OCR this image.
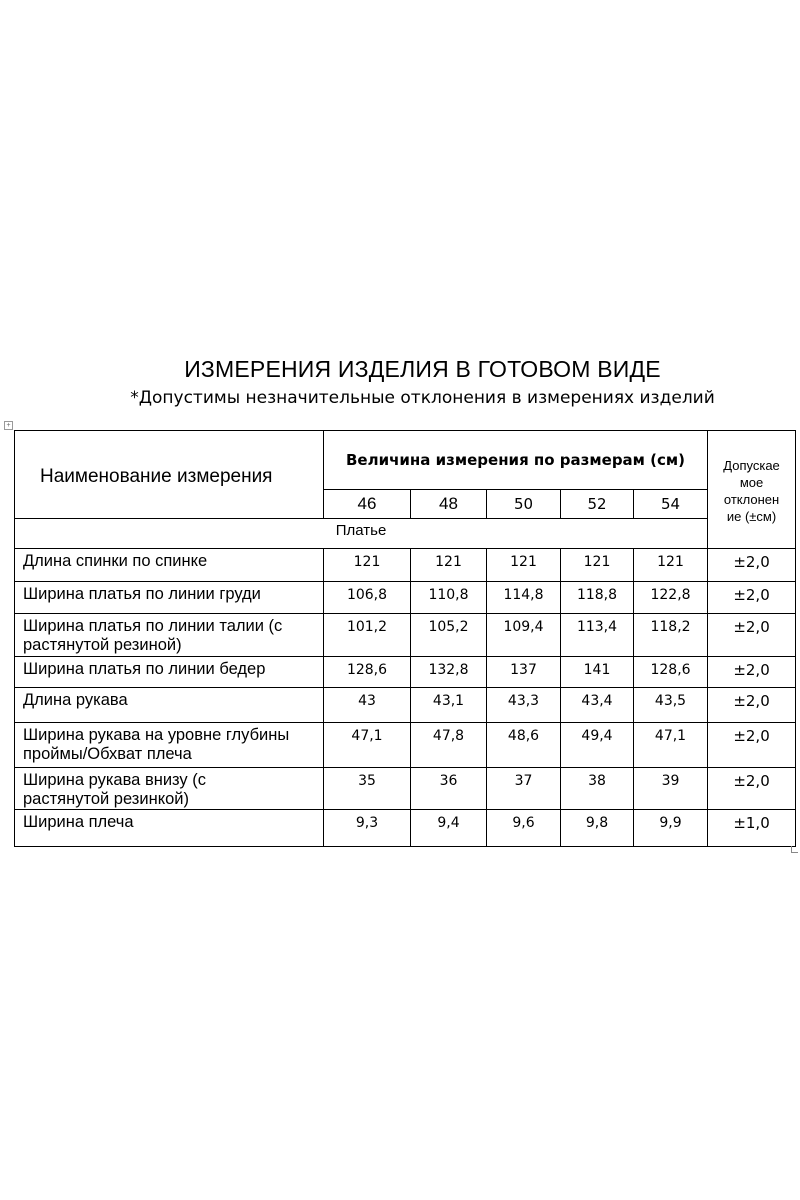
ИЗМЕРЕНИЯ ИЗДЕЛИЯ В ГОТОВОМ ВИДЕ
*Допустимы незначительные отклонения в измерениях изделий
+
Наименование измерения	Величина измерения по размерам (см)					Допускае
мое
отклонен
ие (±см)

	46	48	50	52	54	
Платье						

Длина спинки по спинке	121	121	121	121	121	±2,0

Ширина платья по линии груди	106,8	110,8	114,8	118,8	122,8	±2,0

Ширина платья по линии талии (с
растянутой резиной)	101,2	105,2	109,4	113,4	118,2	±2,0

Ширина платья по линии бедер	128,6	132,8	137	141	128,6	±2,0

Длина рукава	43	43,1	43,3	43,4	43,5	±2,0

Ширина рукава на уровне глубины
проймы/Обхват плеча	47,1	47,8	48,6	49,4	47,1	±2,0

Ширина рукава внизу (с
растянутой резинкой)	35	36	37	38	39	±2,0

Ширина плеча	9,3	9,4	9,6	9,8	9,9	±1,0
